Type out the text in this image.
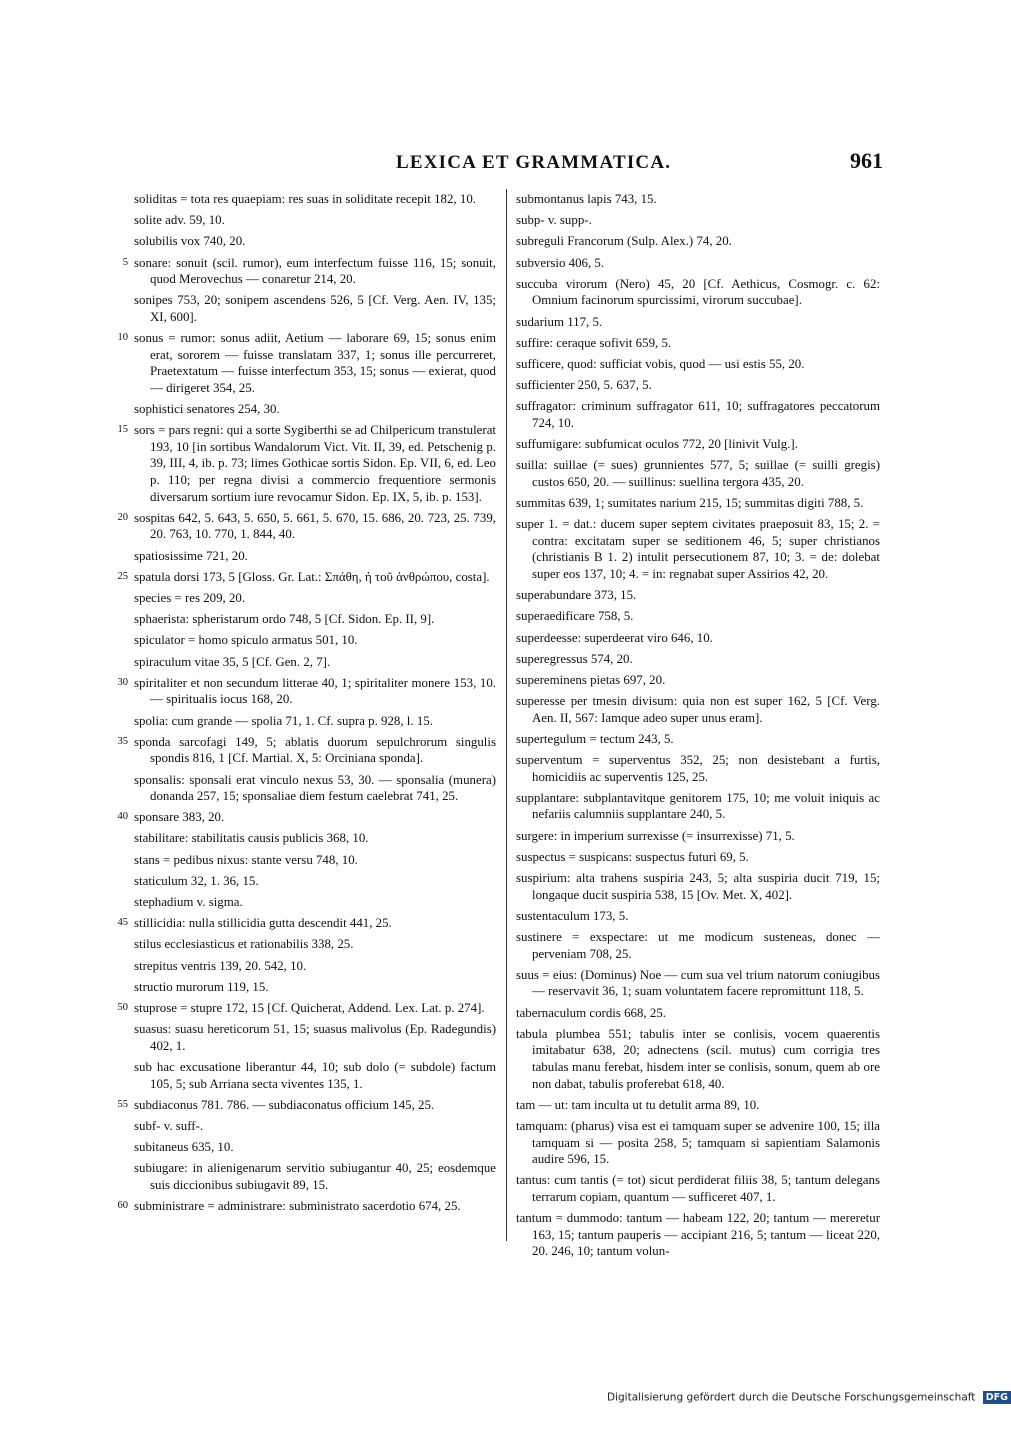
LEXICA ET GRAMMATICA.	961
soliditas = tota res quaepiam: res suas in soliditate recepit 182, 10.
solite adv. 59, 10.
solubilis vox 740, 20.
5 sonare: sonuit (scil. rumor), eum interfectum fuisse 116, 15; sonuit, quod Merovechus — conaretur 214, 20.
sonipes 753, 20; sonipem ascendens 526, 5 [Cf. Verg. Aen. IV, 135; XI, 600].
10 sonus = rumor: sonus adiit, Aetium — laborare 69, 15; sonus enim erat, sororem — fuisse translatam 337, 1; sonus ille percurreret, Praetextatum — fuisse interfectum 353, 15; sonus — exierat, quod — dirigeret 354, 25.
sophistici senatores 254, 30.
15 sors = pars regni: qui a sorte Sygiberthi se ad Chilpericum transtulerat 193, 10 [in sortibus Wandalorum Vict. Vit. II, 39, ed. Petschenig p. 39, III, 4, ib. p. 73; limes Gothicae sortis Sidon. Ep. VII, 6, ed. Leo p. 110; per regna divisi a commercio frequentiore sermonis diversarum sortium iure revocamur Sidon. Ep. IX, 5, ib. p. 153].
20 sospitas 642, 5. 643, 5. 650, 5. 661, 5. 670, 15. 686, 20. 723, 25. 739, 20. 763, 10. 770, 1. 844, 40.
spatiosissime 721, 20.
25 spatula dorsi 173, 5 [Gloss. Gr. Lat.: Σπάθη, ἡ τοῦ ἀνθρώπου, costa].
species = res 209, 20.
sphaerista: spheristarum ordo 748, 5 [Cf. Sidon. Ep. II, 9].
spiculator = homo spiculo armatus 501, 10.
spiraculum vitae 35, 5 [Cf. Gen. 2, 7].
30 spiritaliter et non secundum litterae 40, 1; spiritaliter monere 153, 10. — spiritualis iocus 168, 20.
spolia: cum grande — spolia 71, 1. Cf. supra p. 928, l. 15.
35 sponda sarcofagi 149, 5; ablatis duorum sepulchrorum singulis spondis 816, 1 [Cf. Martial. X, 5: Orciniana sponda].
sponsalis: sponsali erat vinculo nexus 53, 30. — sponsalia (munera) donanda 257, 15; sponsaliae diem festum caelebrat 741, 25.
40 sponsare 383, 20.
stabilitare: stabilitatis causis publicis 368, 10.
stans = pedibus nixus: stante versu 748, 10.
staticulum 32, 1. 36, 15.
stephadium v. sigma.
45 stillicidia: nulla stillicidia gutta descendit 441, 25.
stilus ecclesiasticus et rationabilis 338, 25.
strepitus ventris 139, 20. 542, 10.
structio murorum 119, 15.
50 stuprose = stupre 172, 15 [Cf. Quicherat, Addend. Lex. Lat. p. 274].
suasus: suasu hereticorum 51, 15; suasus malivolus (Ep. Radegundis) 402, 1.
sub hac excusatione liberantur 44, 10; sub dolo (= subdole) factum 105, 5; sub Arriana secta viventes 135, 1.
55 subdiaconus 781. 786. — subdiaconatus officium 145, 25.
subf- v. suff-.
subitaneus 635, 10.
subiugare: in alienigenarum servitio subiugantur 40, 25; eosdemque suis diccionibus subiugavit 89, 15.
60 subministrare = administrare: subministrato sacerdotio 674, 25.
submontanus lapis 743, 15.
subp- v. supp-.
subreguli Francorum (Sulp. Alex.) 74, 20.
subversio 406, 5.
succuba virorum (Nero) 45, 20 [Cf. Aethicus, Cosmogr. c. 62: Omnium facinorum spurcissimi, virorum succubae].
sudarium 117, 5.
suffire: ceraque sofivit 659, 5.
sufficere, quod: sufficiat vobis, quod — usi estis 55, 20.
sufficienter 250, 5. 637, 5.
suffragator: criminum suffragator 611, 10; suffragatores peccatorum 724, 10.
suffumigare: subfumicat oculos 772, 20 [linivit Vulg.].
suilla: suillae (= sues) grunnientes 577, 5; suillae (= suilli gregis) custos 650, 20. — suillinus: suellina tergora 435, 20.
summitas 639, 1; sumitates narium 215, 15; summitas digiti 788, 5.
super 1. = dat.: ducem super septem civitates praeposuit 83, 15; 2. = contra: excitatam super se seditionem 46, 5; super christianos (christianis B 1. 2) intulit persecutionem 87, 10; 3. = de: dolebat super eos 137, 10; 4. = in: regnabat super Assirios 42, 20.
superabundare 373, 15.
superaedificare 758, 5.
superdeesse: superdeerat viro 646, 10.
superegressus 574, 20.
supereminens pietas 697, 20.
superesse per tmesin divisum: quia non est super 162, 5 [Cf. Verg. Aen. II, 567: Iamque adeo super unus eram].
supertegulum = tectum 243, 5.
superventum = superventus 352, 25; non desistebant a furtis, homicidiis ac superventis 125, 25.
supplantare: subplantavitque genitorem 175, 10; me voluit iniquis ac nefariis calumniis supplantare 240, 5.
surgere: in imperium surrexisse (= insurrexisse) 71, 5.
suspectus = suspicans: suspectus futuri 69, 5.
suspirium: alta trahens suspiria 243, 5; alta suspiria ducit 719, 15; longaque ducit suspiria 538, 15 [Ov. Met. X, 402].
sustentaculum 173, 5.
sustinere = exspectare: ut me modicum susteneas, donec — perveniam 708, 25.
suus = eius: (Dominus) Noe — cum sua vel trium natorum coniugibus — reservavit 36, 1; suam voluntatem facere repromittunt 118, 5.
tabernaculum cordis 668, 25.
tabula plumbea 551; tabulis inter se conlisis, vocem quaerentis imitabatur 638, 20; adnectens (scil. mutus) cum corrigia tres tabulas manu ferebat, hisdem inter se conlisis, sonum, quem ab ore non dabat, tabulis proferebat 618, 40.
tam — ut: tam inculta ut tu detulit arma 89, 10.
tamquam: (pharus) visa est ei tamquam super se advenire 100, 15; illa tamquam si — posita 258, 5; tamquam si sapientiam Salamonis audire 596, 15.
tantus: cum tantis (= tot) sicut perdiderat filiis 38, 5; tantum delegans terrarum copiam, quantum — sufficeret 407, 1.
tantum = dummodo: tantum — habeam 122, 20; tantum — mereretur 163, 15; tantum pauperis — accipiant 216, 5; tantum — liceat 220, 20. 246, 10; tantum volun-
Digitalisierung gefördert durch die Deutsche Forschungsgemeinschaft DFG
